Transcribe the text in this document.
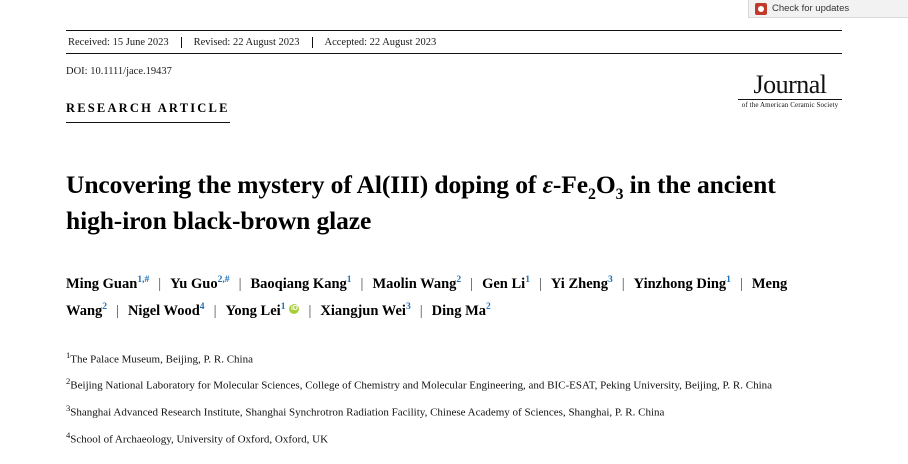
Check for updates
Received: 15 June 2023	Revised: 22 August 2023	Accepted: 22 August 2023
DOI: 10.1111/jace.19437
RESEARCH ARTICLE
Journal
of the American Ceramic Society
Uncovering the mystery of Al(III) doping of $\varepsilon-Fe_2O_3$ in the ancient high-iron black-brown glaze
Ming Guan$^{1,\#}$ | Yu Guo$^{2,\#}$ | Baoqiang Kang$^1$ | Maolin Wang$^2$ | Gen Li$^1$ | Yi Zheng$^3$ | Yinzhong Ding$^1$ | Meng Wang$^2$ | Nigel Wood$^4$ | Yong Lei$^1$ iD | Xiangjun Wei$^3$ | Ding Ma$^2$
$^1$The Palace Museum, Beijing, P. R. China
$^2$Beijing National Laboratory for Molecular Sciences, College of Chemistry and Molecular Engineering, and BIC-ESAT, Peking University, Beijing, P. R. China
$^3$Shanghai Advanced Research Institute, Shanghai Synchrotron Radiation Facility, Chinese Academy of Sciences, Shanghai, P. R. China
$^4$School of Archaeology, University of Oxford, Oxford, UK
